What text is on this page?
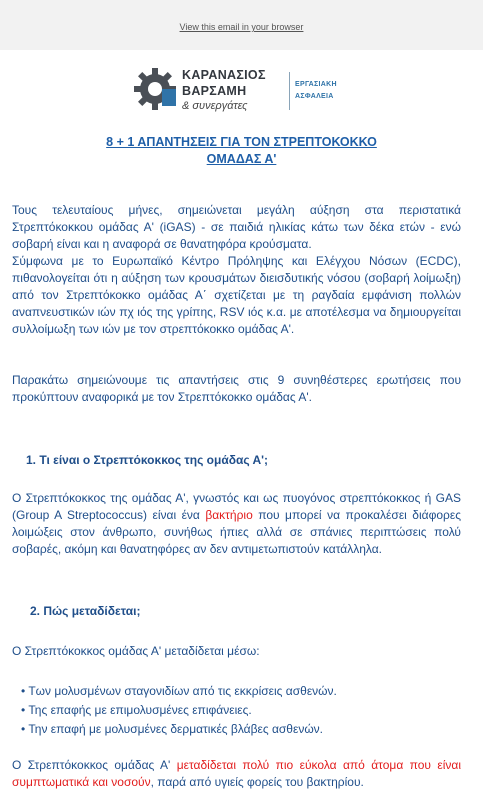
View this email in your browser
ΚΑΡΑΝΑΣΙΟΣ
ΒΑΡΣΑΜΗ
& συνεργάτες
ΕΡΓΑΣΙΑΚΗ
ΑΣΦΑΛΕΙΑ
8 + 1 ΑΠΑΝΤΗΣΕΙΣ ΓΙΑ ΤΟΝ ΣΤΡΕΠΤΟΚΟΚΚΟ
ΟΜΑΔΑΣ Α'

Τους τελευταίους μήνες, σημειώνεται μεγάλη αύξηση στα περιστατικά Στρεπτόκοκκου ομάδας Α' (iGAS) - σε παιδιά ηλικίας κάτω των δέκα ετών - ενώ σοβαρή είναι και η αναφορά σε θανατηφόρα κρούσματα.

Σύμφωνα με το Ευρωπαϊκό Κέντρο Πρόληψης και Ελέγχου Νόσων (ECDC), πιθανολογείται ότι η αύξηση των κρουσμάτων διεισδυτικής νόσου (σοβαρή λοίμωξη) από τον Στρεπτόκοκκο ομάδας Α΄ σχετίζεται με τη ραγδαία εμφάνιση πολλών αναπνευστικών ιών πχ ιός της γρίπης, RSV ιός κ.α. με αποτέλεσμα να δημιουργείται συλλοίμωξη των ιών με τον στρεπτόκοκκο ομάδας Α'.

Παρακάτω σημειώνουμε τις απαντήσεις στις 9 συνηθέστερες ερωτήσεις που προκύπτουν αναφορικά με τον Στρεπτόκοκκο ομάδας Α'.

1. Τι είναι ο Στρεπτόκοκκος της ομάδας Α';

Ο Στρεπτόκοκκος της ομάδας Α', γνωστός και ως πυογόνος στρεπτόκοκκος ή GAS (Group A Streptococcus) είναι ένα βακτήριο που μπορεί να προκαλέσει διάφορες λοιμώξεις στον άνθρωπο, συνήθως ήπιες αλλά σε σπάνιες περιπτώσεις πολύ σοβαρές, ακόμη και θανατηφόρες αν δεν αντιμετωπιστούν κατάλληλα.

2. Πώς μεταδίδεται;

Ο Στρεπτόκοκκος ομάδας Α' μεταδίδεται μέσω:

• Των μολυσμένων σταγονιδίων από τις εκκρίσεις ασθενών.
• Της επαφής με επιμολυσμένες επιφάνειες.
• Την επαφή με μολυσμένες δερματικές βλάβες ασθενών.

Ο Στρεπτόκοκκος ομάδας Α' μεταδίδεται πολύ πιο εύκολα από άτομα που είναι συμπτωματικά και νοσούν, παρά από υγιείς φορείς του βακτηρίου.
